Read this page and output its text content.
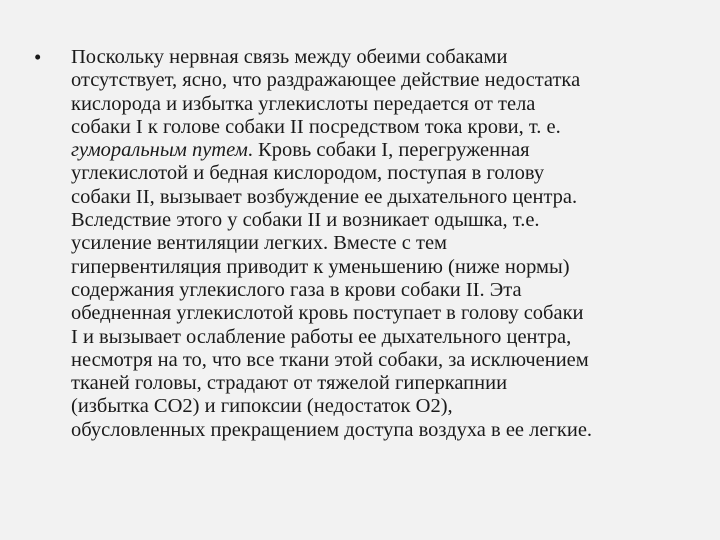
• Поскольку нервная связь между обеими собаками
отсутствует, ясно, что раздражающее действие недостатка
кислорода и избытка углекислоты передается от тела
собаки I к голове собаки II посредством тока крови, т. е.
гуморальным путем. Кровь собаки I, перегруженная
углекислотой и бедная кислородом, поступая в голову
собаки II, вызывает возбуждение ее дыхательного центра.
Вследствие этого у собаки II и возникает одышка, т.е.
усиление вентиляции легких. Вместе с тем
гипервентиляция приводит к уменьшению (ниже нормы)
содержания углекислого газа в крови собаки II. Эта
обедненная углекислотой кровь поступает в голову собаки
I и вызывает ослабление работы ее дыхательного центра,
несмотря на то, что все ткани этой собаки, за исключением
тканей головы, страдают от тяжелой гиперкапнии
(избытка СО2) и гипоксии (недостаток О2),
обусловленных прекращением доступа воздуха в ее легкие.
